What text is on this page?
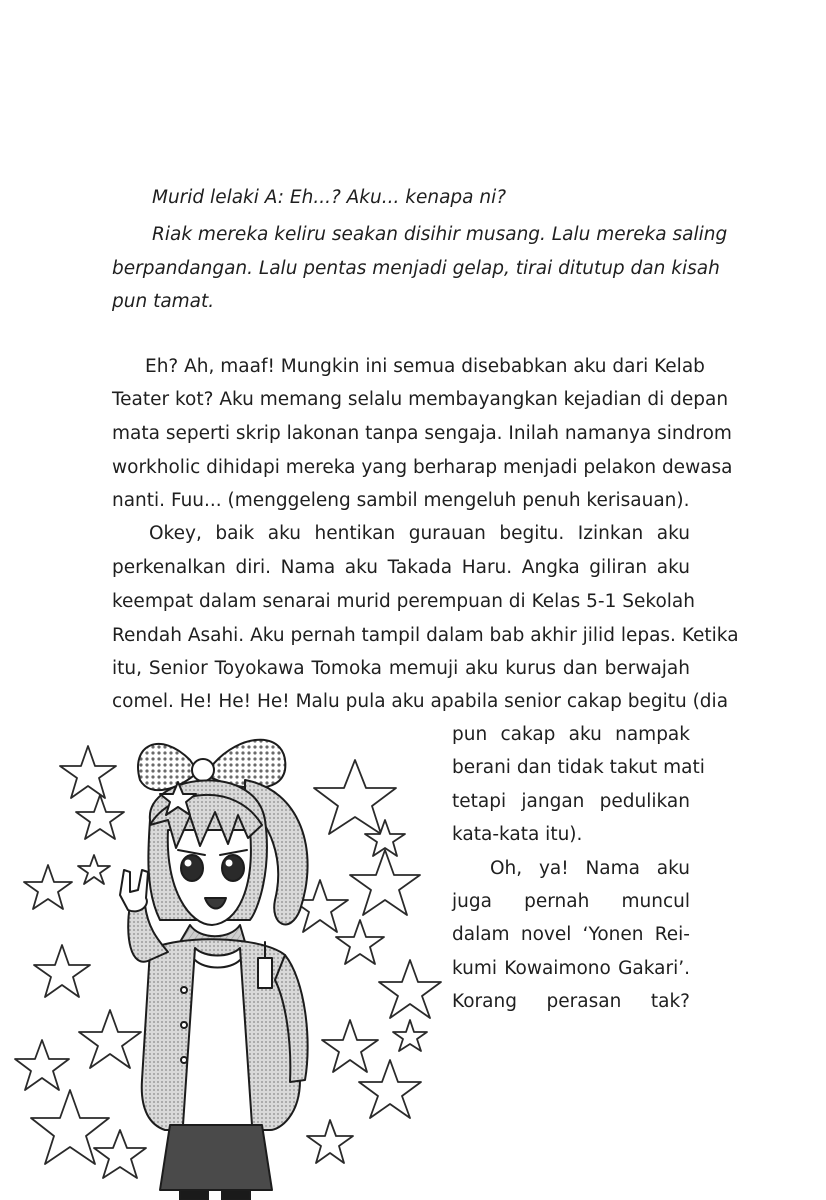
Murid lelaki A: Eh...? Aku... kenapa ni?
Riak mereka keliru seakan disihir musang. Lalu mereka saling
berpandangan. Lalu pentas menjadi gelap, tirai ditutup dan kisah
pun tamat.
Eh? Ah, maaf! Mungkin ini semua disebabkan aku dari Kelab
Teater kot? Aku memang selalu membayangkan kejadian di depan
mata seperti skrip lakonan tanpa sengaja. Inilah namanya sindrom
workholic dihidapi mereka yang berharap menjadi pelakon dewasa
nanti. Fuu... (menggeleng sambil mengeluh penuh kerisauan).
Okey, baik aku hentikan gurauan begitu. Izinkan aku
perkenalkan diri. Nama aku Takada Haru. Angka giliran aku
keempat dalam senarai murid perempuan di Kelas 5-1 Sekolah
Rendah Asahi. Aku pernah tampil dalam bab akhir jilid lepas. Ketika
itu, Senior Toyokawa Tomoka memuji aku kurus dan berwajah
comel. He! He! He! Malu pula aku apabila senior cakap begitu (dia
pun cakap aku nampak
berani dan tidak takut mati
tetapi jangan pedulikan
kata-kata itu).
Oh, ya! Nama aku
juga pernah muncul
dalam novel ‘Yonen Rei-
kumi Kowaimono Gakari’.
Korang perasan tak?
